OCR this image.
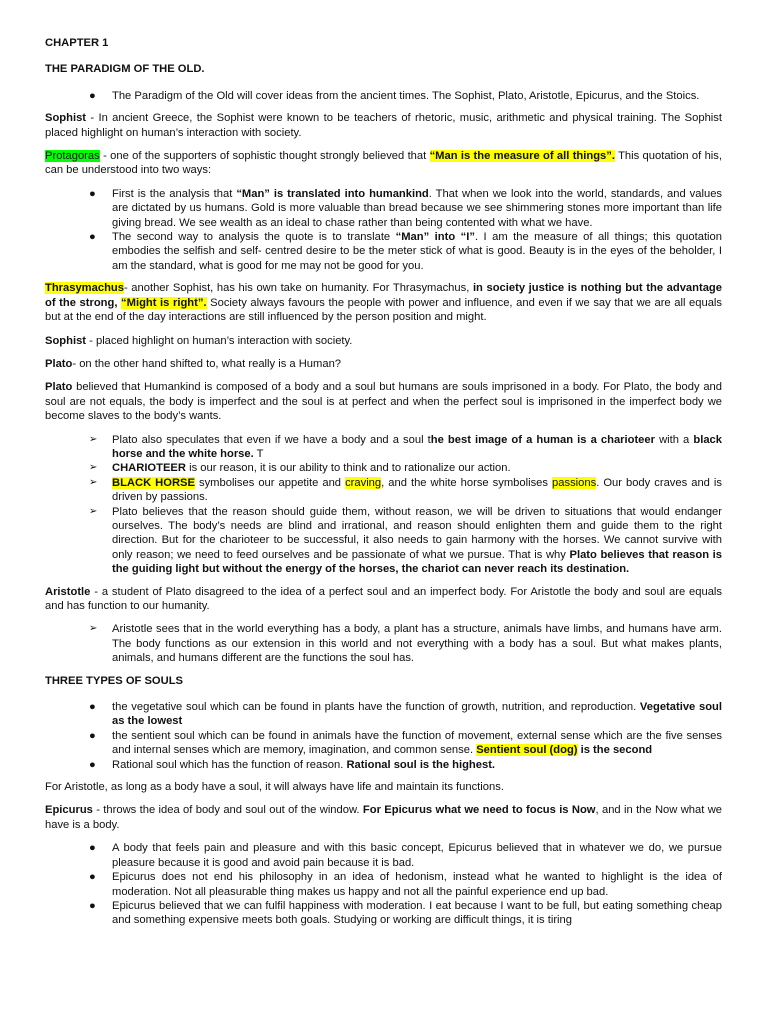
CHAPTER 1
THE PARADIGM OF THE OLD.
●	The Paradigm of the Old will cover ideas from the ancient times. The Sophist, Plato, Aristotle, Epicurus, and the Stoics.

Sophist - In ancient Greece, the Sophist were known to be teachers of rhetoric, music, arithmetic and physical training. The Sophist placed highlight on human’s interaction with society.

Protagoras - one of the supporters of sophistic thought strongly believed that “Man is the measure of all things”. This quotation of his, can be understood into two ways:

●	First is the analysis that “Man” is translated into humankind. That when we look into the world, standards, and values are dictated by us humans. Gold is more valuable than bread because we see shimmering stones more important than life giving bread. We see wealth as an ideal to chase rather than being contented with what we have.
●	The second way to analysis the quote is to translate “Man” into “I”. I am the measure of all things; this quotation embodies the selfish and self- centred desire to be the meter stick of what is good. Beauty is in the eyes of the beholder, I am the standard, what is good for me may not be good for you.

Thrasymachus- another Sophist, has his own take on humanity. For Thrasymachus, in society justice is nothing but the advantage of the strong, “Might is right”. Society always favours the people with power and influence, and even if we say that we are all equals but at the end of the day interactions are still influenced by the person position and might.

Sophist - placed highlight on human’s interaction with society.

Plato- on the other hand shifted to, what really is a Human?

Plato believed that Humankind is composed of a body and a soul but humans are souls imprisoned in a body. For Plato, the body and soul are not equals, the body is imperfect and the soul is at perfect and when the perfect soul is imprisoned in the imperfect body we become slaves to the body’s wants.

➢	Plato also speculates that even if we have a body and a soul the best image of a human is a charioteer with a black horse and the white horse. T
➢	CHARIOTEER is our reason, it is our ability to think and to rationalize our action.
➢	BLACK HORSE symbolises our appetite and craving, and the white horse symbolises passions. Our body craves and is driven by passions.
➢	Plato believes that the reason should guide them, without reason, we will be driven to situations that would endanger ourselves. The body’s needs are blind and irrational, and reason should enlighten them and guide them to the right direction. But for the charioteer to be successful, it also needs to gain harmony with the horses. We cannot survive with only reason; we need to feed ourselves and be passionate of what we pursue. That is why Plato believes that reason is the guiding light but without the energy of the horses, the chariot can never reach its destination.

Aristotle - a student of Plato disagreed to the idea of a perfect soul and an imperfect body. For Aristotle the body and soul are equals and has function to our humanity.

➢	Aristotle sees that in the world everything has a body, a plant has a structure, animals have limbs, and humans have arm. The body functions as our extension in this world and not everything with a body has a soul. But what makes plants, animals, and humans different are the functions the soul has.
THREE TYPES OF SOULS
●	the vegetative soul which can be found in plants have the function of growth, nutrition, and reproduction. Vegetative soul as the lowest
●	the sentient soul which can be found in animals have the function of movement, external sense which are the five senses and internal senses which are memory, imagination, and common sense. Sentient soul (dog) is the second
●	Rational soul which has the function of reason. Rational soul is the highest.

For Aristotle, as long as a body have a soul, it will always have life and maintain its functions.

Epicurus - throws the idea of body and soul out of the window. For Epicurus what we need to focus is Now, and in the Now what we have is a body.

●	A body that feels pain and pleasure and with this basic concept, Epicurus believed that in whatever we do, we pursue pleasure because it is good and avoid pain because it is bad.
●	Epicurus does not end his philosophy in an idea of hedonism, instead what he wanted to highlight is the idea of moderation. Not all pleasurable thing makes us happy and not all the painful experience end up bad.
●	Epicurus believed that we can fulfil happiness with moderation. I eat because I want to be full, but eating something cheap and something expensive meets both goals. Studying or working are difficult things, it is tiring
